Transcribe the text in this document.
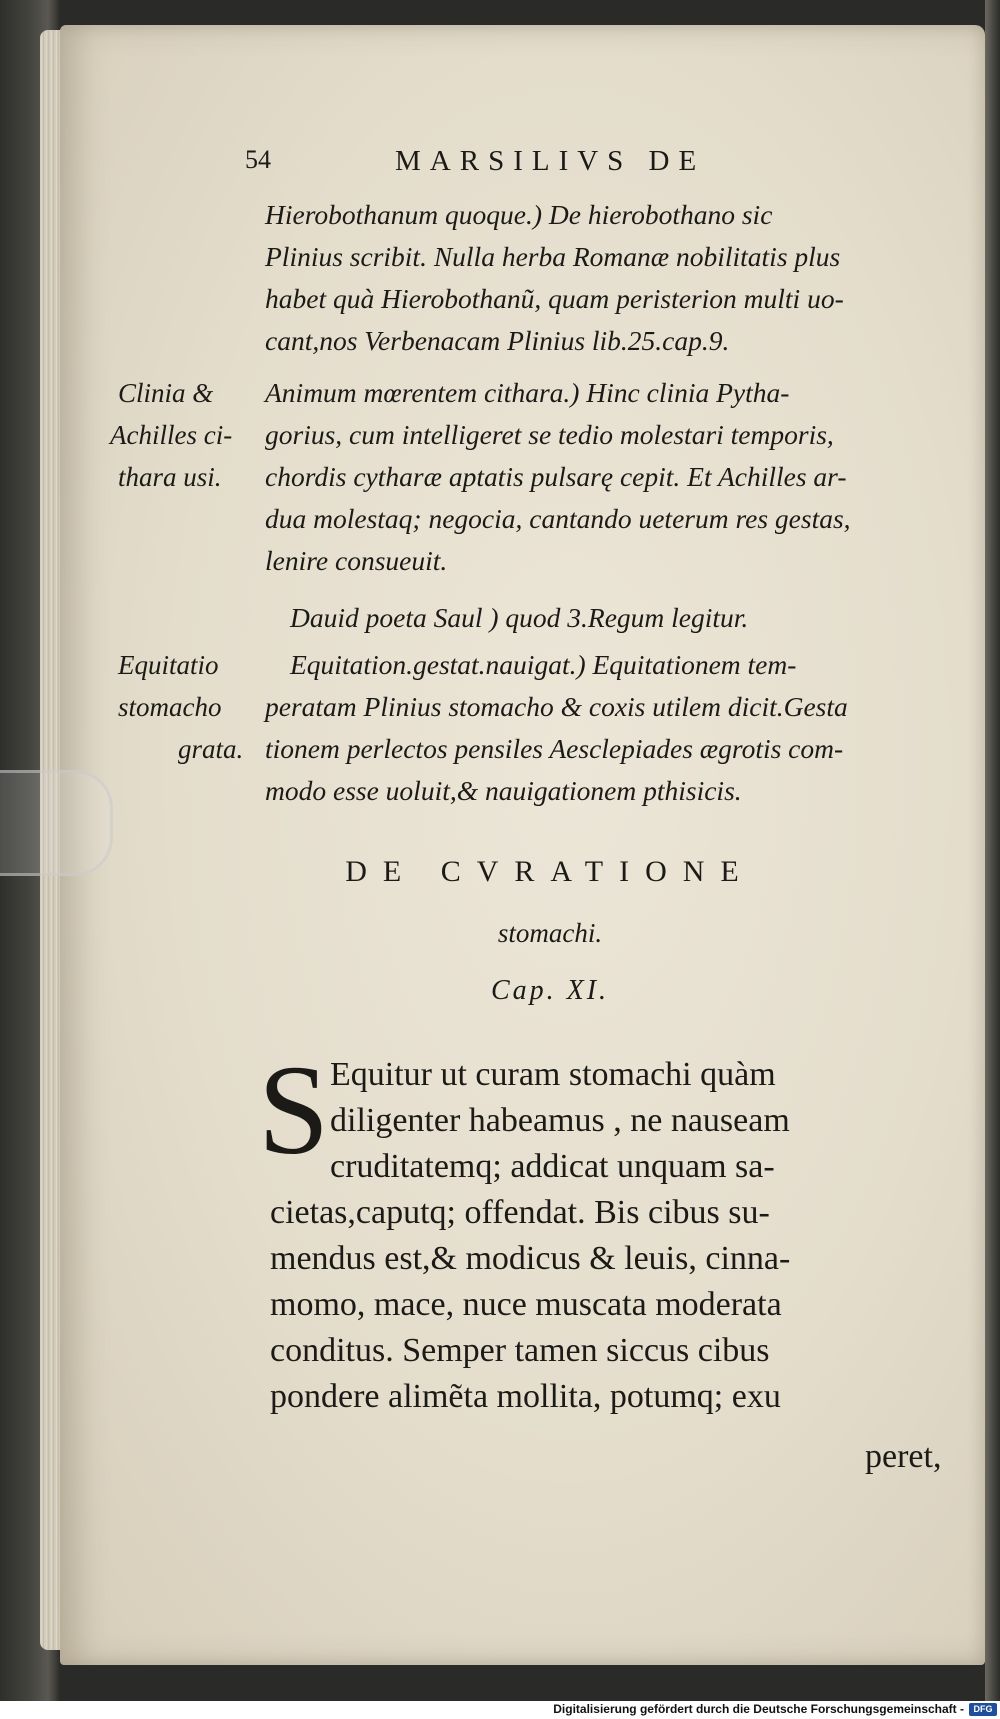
54	MARSILIVS DE
Hierobothanum quoque.) De hierobothano sic
Plinius scribit. Nulla herba Romanæ nobilitatis plus
habet quà Hierobothanũ, quam peristerion multi uo-
cant,nos Verbenacam Plinius lib.25.cap.9.
Animum mœrentem cithara.) Hinc clinia Pytha-
gorius, cum intelligeret se tedio molestari temporis,
chordis cytharæ aptatis pulsarę cepit. Et Achilles ar-
dua molestaq; negocia, cantando ueterum res gestas,
lenire consueuit.
Dauid poeta Saul ) quod 3.Regum legitur.
Equitation.gestat.nauigat.) Equitationem tem-
peratam Plinius stomacho & coxis utilem dicit.Gesta
tionem perlectos pensiles Aesclepiades ægrotis com-
modo esse uoluit,& nauigationem pthisicis.
Clinia &
Achilles ci-
thara usi.
Equitatio
stomacho
grata.
DE CVRATIONE
stomachi.
Cap. XI.
S Equitur ut curam stomachi quàm
diligenter habeamus , ne nauseam
cruditatemq; addicat unquam sa-
cietas,caputq; offendat. Bis cibus su-
mendus est,& modicus & leuis, cinna-
momo, mace, nuce muscata moderata
conditus. Semper tamen siccus cibus
pondere alimẽta mollita, potumq; exu
peret,
Digitalisierung gefördert durch die Deutsche Forschungsgemeinschaft -	DFG
